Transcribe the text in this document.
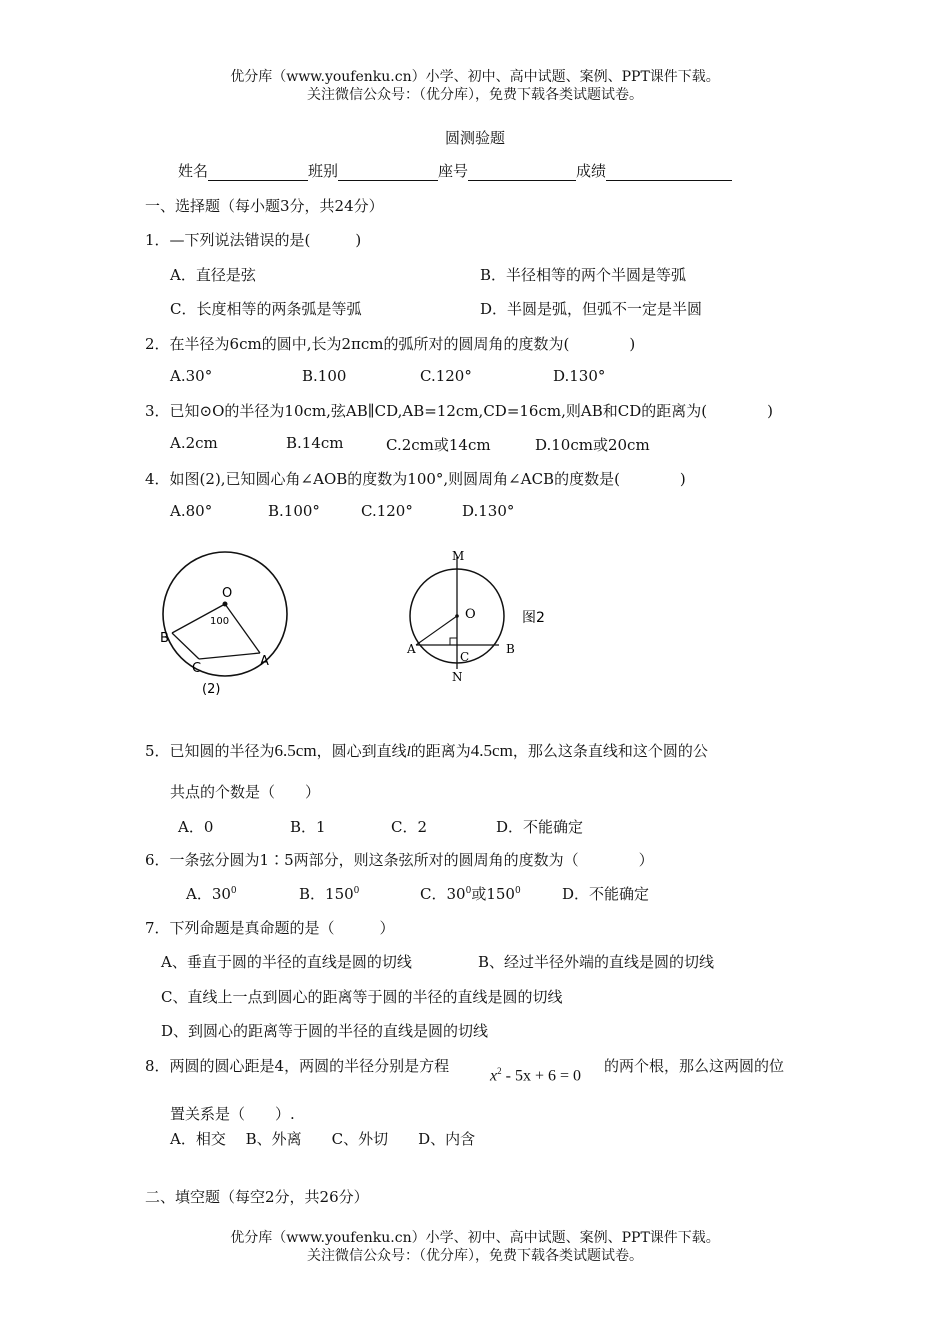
优分库（www.youfenku.cn）小学、初中、高中试题、案例、PPT课件下载。
关注微信公众号：（优分库），免费下载各类试题试卷。
圆测验题
姓名	班别	座号	成绩
一、选择题（每小题3分，共24分）
1．—下列说法错误的是(　　　)
A．直径是弦	B．半径相等的两个半圆是等弧
C．长度相等的两条弧是等弧	D．半圆是弧，但弧不一定是半圆
2．在半径为6cm的圆中,长为2πcm的弧所对的圆周角的度数为(　　　　)
A.30°	B.100	C.120°	D.130°
3．已知⊙O的半径为10cm,弦AB∥CD,AB=12cm,CD=16cm,则AB和CD的距离为(　　　　)
A.2cm	B.14cm	C.2cm或14cm	D.10cm或20cm
4．如图(2),已知圆心角∠AOB的度数为100°,则圆周角∠ACB的度数是(　　　　)
A.80°	B.100°	C.120°	D.130°
O
100
B
C	A
(2)
M
O
A	B
C
N
图2
5．已知圆的半径为6.5cm，圆心到直线l的距离为4.5cm，那么这条直线和这个圆的公
共点的个数是（　　）
A．0	B．1	C．2	D．不能确定
6．一条弦分圆为1∶5两部分，则这条弦所对的圆周角的度数为（　　　　）
A．$30^0$	B．$150^0$	C．$30^0$或$150^0$	D．不能确定
7．下列命题是真命题的是（　　　）
A、垂直于圆的半径的直线是圆的切线	B、经过半径外端的直线是圆的切线
C、直线上一点到圆心的距离等于圆的半径的直线是圆的切线
D、到圆心的距离等于圆的半径的直线是圆的切线
8．两圆的圆心距是4，两圆的半径分别是方程
$x^2 - 5x + 6 = 0$
的两个根，那么这两圆的位
置关系是（　　）.
A．相交　 B、外离　　C、外切　　D、内含
二、填空题（每空2分，共26分）
优分库（www.youfenku.cn）小学、初中、高中试题、案例、PPT课件下载。
关注微信公众号：（优分库），免费下载各类试题试卷。
